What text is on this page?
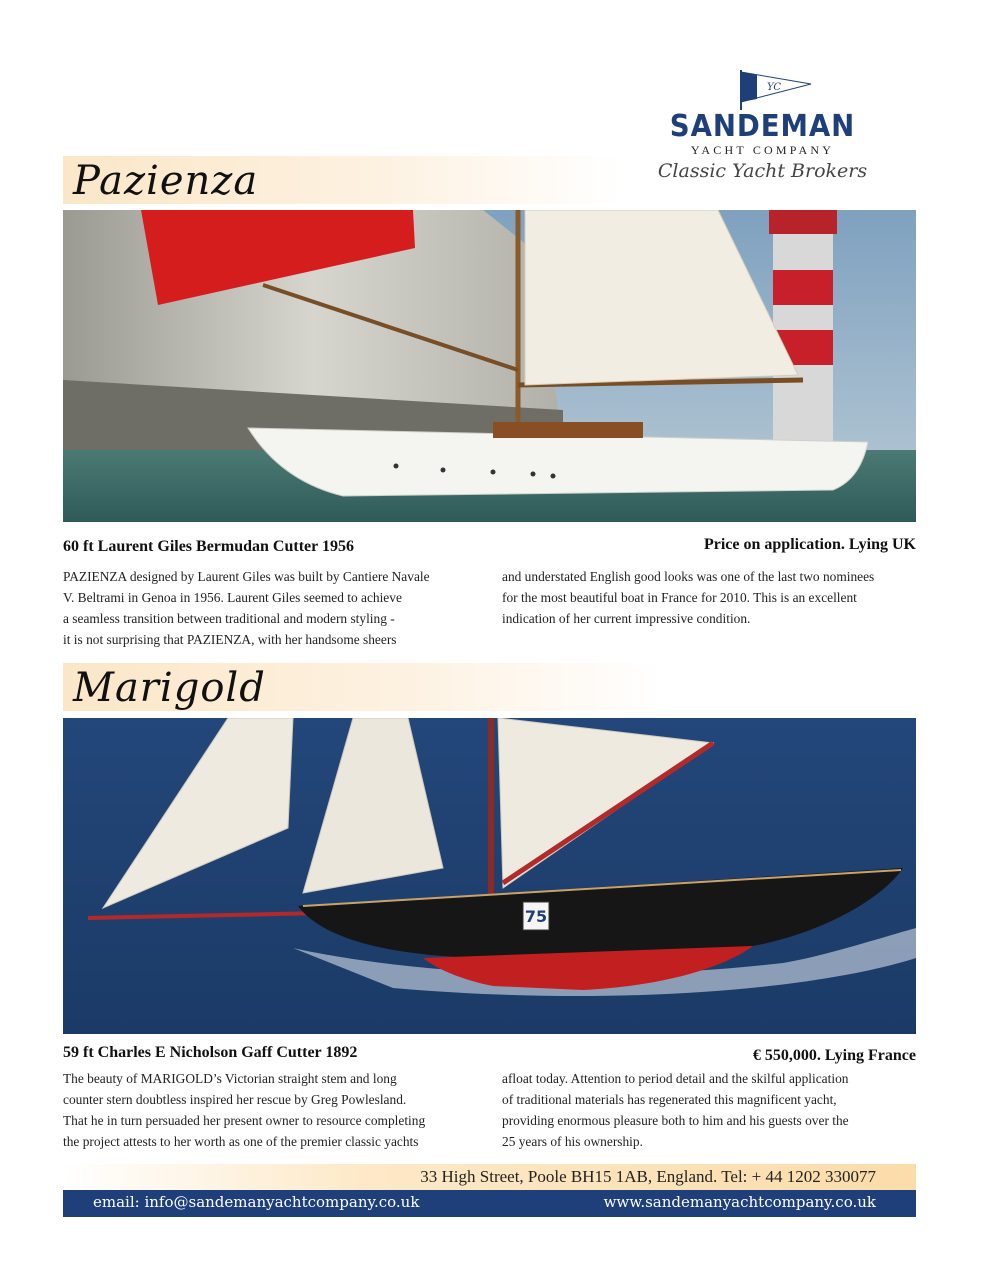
YC
SANDEMAN
YACHT COMPANY
Classic Yacht Brokers
Pazienza
60 ft Laurent Giles Bermudan Cutter 1956	Price on application. Lying UK

PAZIENZA designed by Laurent Giles was built by Cantiere Navale

V. Beltrami in Genoa in 1956. Laurent Giles seemed to achieve

a seamless transition between traditional and modern styling -

it is not surprising that PAZIENZA, with her handsome sheers

and understated English good looks was one of the last two nominees

for the most beautiful boat in France for 2010. This is an excellent

indication of her current impressive condition.

Marigold
75
59 ft Charles E Nicholson Gaff Cutter 1892	€ 550,000. Lying France

The beauty of MARIGOLD’s Victorian straight stem and long

counter stern doubtless inspired her rescue by Greg Powlesland.

That he in turn persuaded her present owner to resource completing

the project attests to her worth as one of the premier classic yachts

afloat today. Attention to period detail and the skilful application

of traditional materials has regenerated this magnificent yacht,

providing enormous pleasure both to him and his guests over the

25 years of his ownership.

33 High Street, Poole BH15 1AB, England. Tel: + 44 1202 330077
email: info@sandemanyachtcompany.co.uk	www.sandemanyachtcompany.co.uk
